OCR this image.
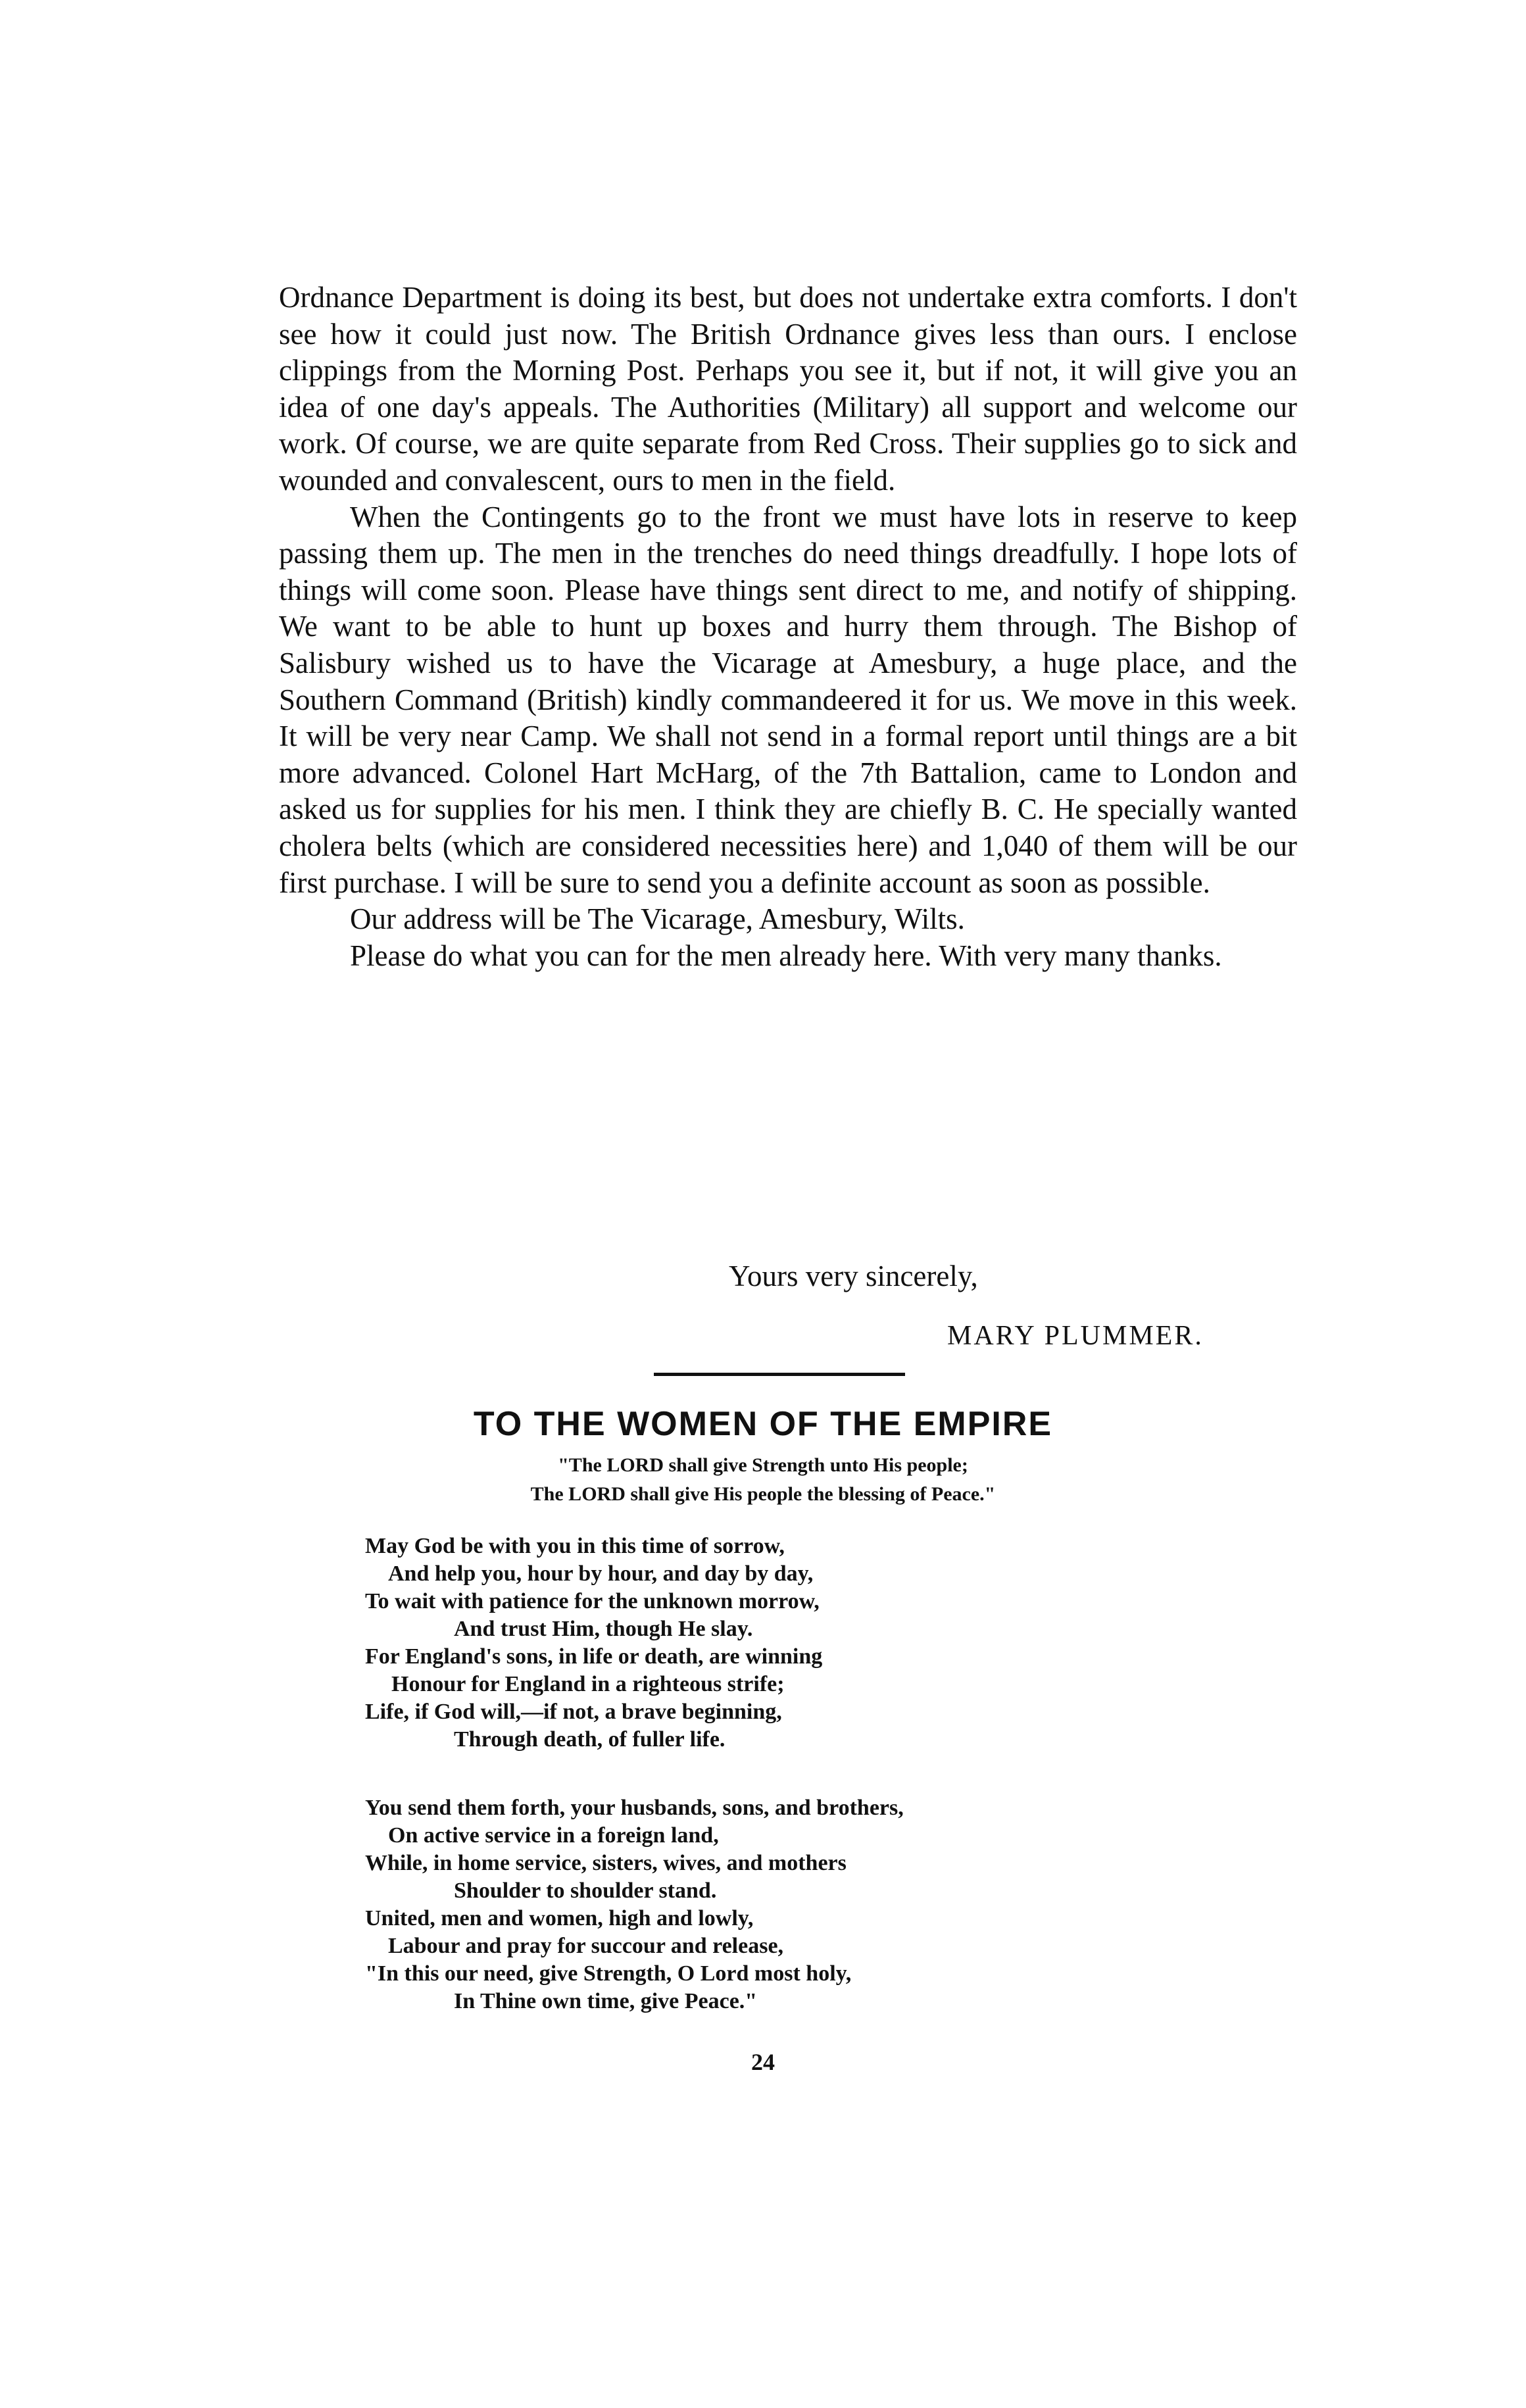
Ordnance Department is doing its best, but does not undertake extra comforts. I don't see how it could just now. The British Ordnance gives less than ours. I enclose clippings from the Morning Post. Perhaps you see it, but if not, it will give you an idea of one day's appeals. The Authorities (Military) all support and welcome our work. Of course, we are quite separate from Red Cross. Their supplies go to sick and wounded and convalescent, ours to men in the field.

When the Contingents go to the front we must have lots in reserve to keep passing them up. The men in the trenches do need things dreadfully. I hope lots of things will come soon. Please have things sent direct to me, and notify of shipping. We want to be able to hunt up boxes and hurry them through. The Bishop of Salisbury wished us to have the Vicarage at Amesbury, a huge place, and the Southern Command (British) kindly commandeered it for us. We move in this week. It will be very near Camp. We shall not send in a formal report until things are a bit more advanced. Colonel Hart McHarg, of the 7th Battalion, came to London and asked us for supplies for his men. I think they are chiefly B. C. He specially wanted cholera belts (which are considered necessities here) and 1,040 of them will be our first purchase. I will be sure to send you a definite account as soon as possible.

Our address will be The Vicarage, Amesbury, Wilts.

Please do what you can for the men already here. With very many thanks.

Yours very sincerely,
MARY PLUMMER.
TO THE WOMEN OF THE EMPIRE
"The LORD shall give Strength unto His people;
The LORD shall give His people the blessing of Peace."
May God be with you in this time of sorrow,
And help you, hour by hour, and day by day,
To wait with patience for the unknown morrow,
And trust Him, though He slay.
For England's sons, in life or death, are winning
Honour for England in a righteous strife;
Life, if God will,—if not, a brave beginning,
Through death, of fuller life.
You send them forth, your husbands, sons, and brothers,
On active service in a foreign land,
While, in home service, sisters, wives, and mothers
Shoulder to shoulder stand.
United, men and women, high and lowly,
Labour and pray for succour and release,
"In this our need, give Strength, O Lord most holy,
In Thine own time, give Peace."
24
